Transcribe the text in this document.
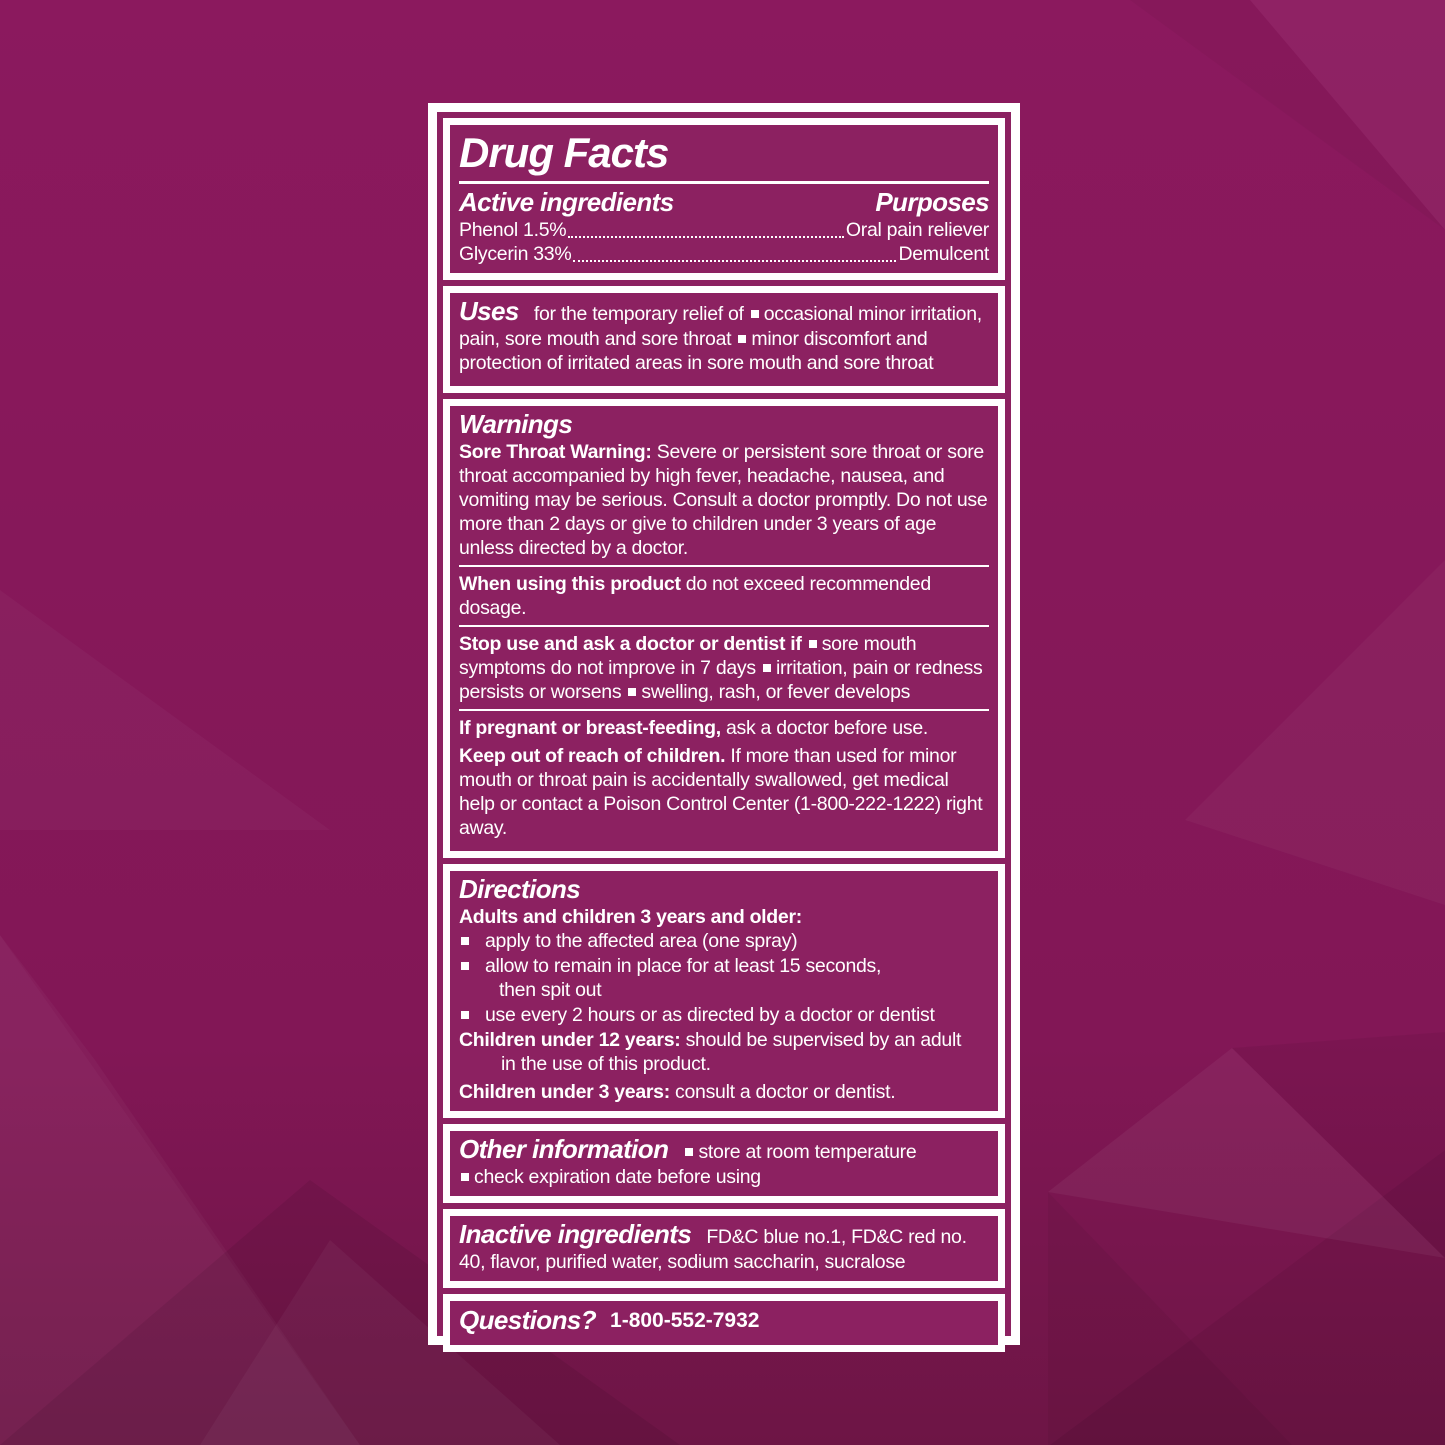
Drug Facts
Active ingredients	Purposes
Phenol 1.5%	Oral pain reliever
Glycerin 33%	Demulcent

Uses for the temporary relief of occasional minor irritation, pain, sore mouth and sore throat minor discomfort and protection of irritated areas in sore mouth and sore throat

Warnings

Sore Throat Warning: Severe or persistent sore throat or sore throat accompanied by high fever, headache, nausea, and vomiting may be serious. Consult a doctor promptly. Do not use more than 2 days or give to children under 3 years of age unless directed by a doctor.

When using this product do not exceed recommended dosage.

Stop use and ask a doctor or dentist if sore mouth symptoms do not improve in 7 days irritation, pain or redness persists or worsens swelling, rash, or fever develops

If pregnant or breast-feeding, ask a doctor before use.

Keep out of reach of children. If more than used for minor mouth or throat pain is accidentally swallowed, get medical help or contact a Poison Control Center (1-800-222-1222) right away.

Directions

Adults and children 3 years and older:

apply to the affected area (one spray)
allow to remain in place for at least 15 seconds,
then spit out
use every 2 hours or as directed by a doctor or dentist

Children under 12 years: should be supervised by an adult
in the use of this product.

Children under 3 years: consult a doctor or dentist.

Other information store at room temperature

check expiration date before using

Inactive ingredients FD&C blue no.1, FD&C red no. 40, flavor, purified water, sodium saccharin, sucralose

Questions? 1-800-552-7932
